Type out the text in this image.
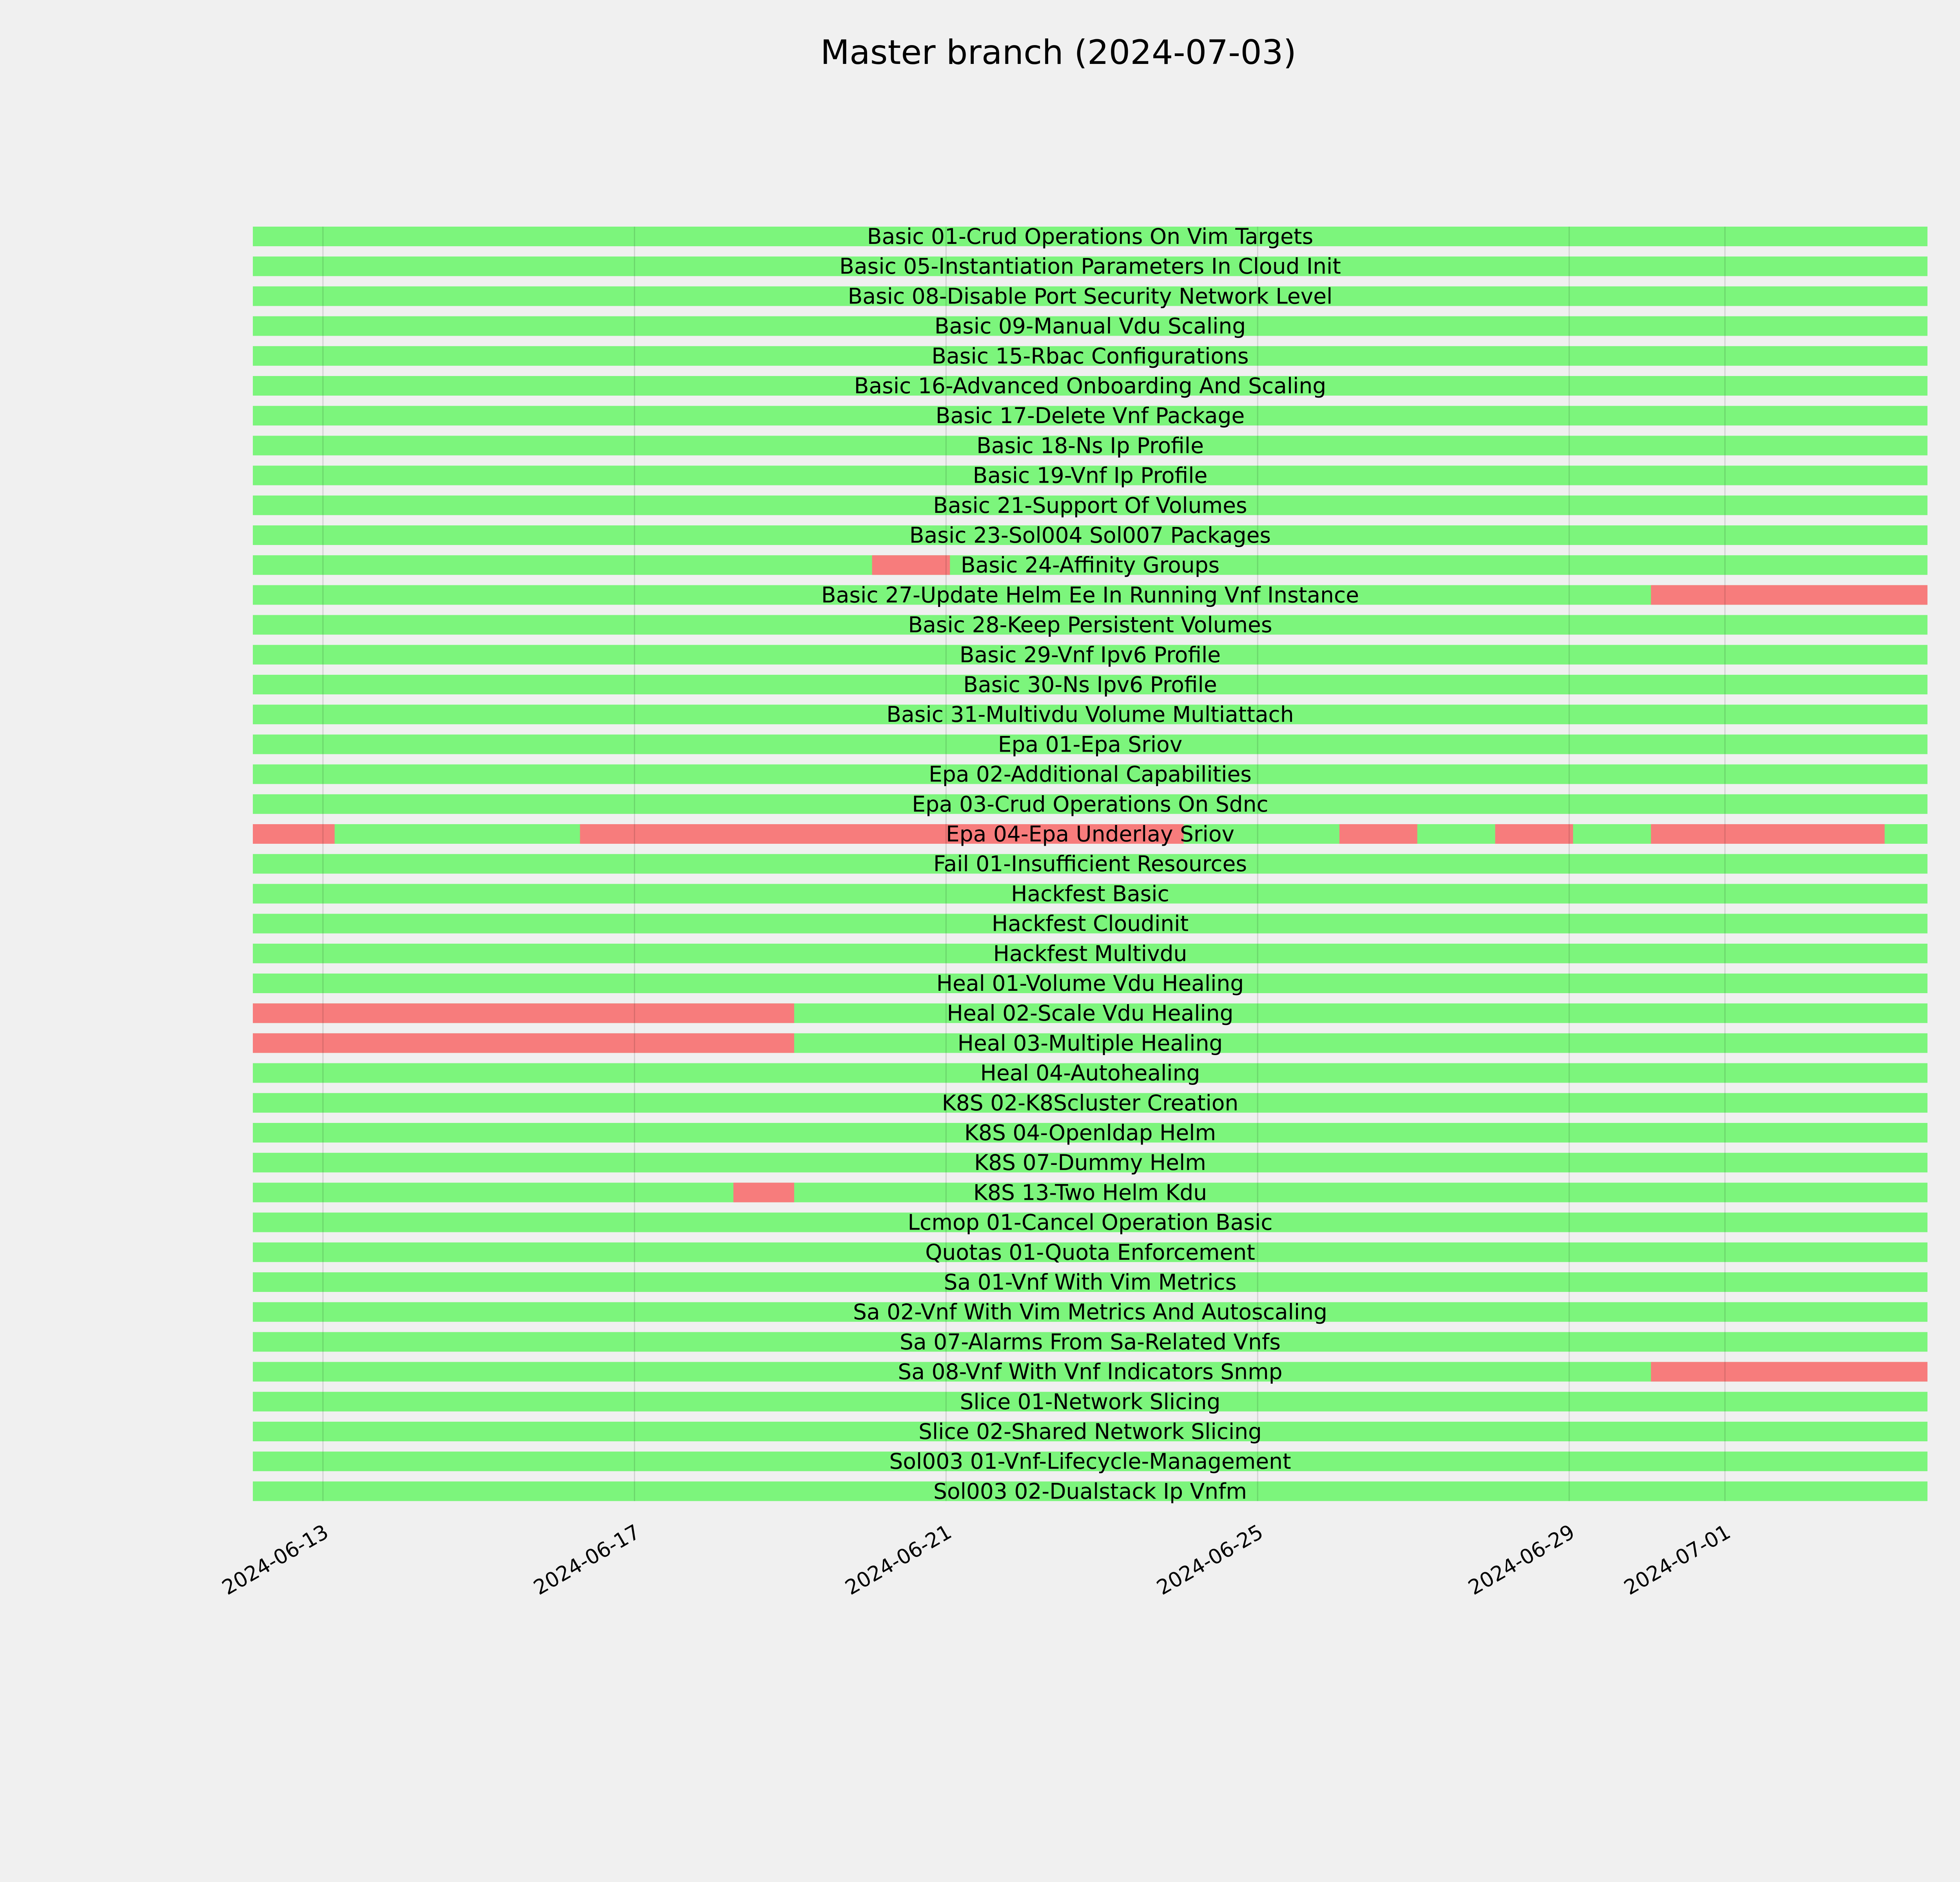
Master branch (2024-07-03)
Basic 01-Crud Operations On Vim Targets
Basic 05-Instantiation Parameters In Cloud Init
Basic 08-Disable Port Security Network Level
Basic 09-Manual Vdu Scaling
Basic 15-Rbac Configurations
Basic 16-Advanced Onboarding And Scaling
Basic 17-Delete Vnf Package
Basic 18-Ns Ip Profile
Basic 19-Vnf Ip Profile
Basic 21-Support Of Volumes
Basic 23-Sol004 Sol007 Packages
Basic 24-Affinity Groups
Basic 27-Update Helm Ee In Running Vnf Instance
Basic 28-Keep Persistent Volumes
Basic 29-Vnf Ipv6 Profile
Basic 30-Ns Ipv6 Profile
Basic 31-Multivdu Volume Multiattach
Epa 01-Epa Sriov
Epa 02-Additional Capabilities
Epa 03-Crud Operations On Sdnc
Epa 04-Epa Underlay Sriov
Fail 01-Insufficient Resources
Hackfest Basic
Hackfest Cloudinit
Hackfest Multivdu
Heal 01-Volume Vdu Healing
Heal 02-Scale Vdu Healing
Heal 03-Multiple Healing
Heal 04-Autohealing
K8S 02-K8Scluster Creation
K8S 04-Openldap Helm
K8S 07-Dummy Helm
K8S 13-Two Helm Kdu
Lcmop 01-Cancel Operation Basic
Quotas 01-Quota Enforcement
Sa 01-Vnf With Vim Metrics
Sa 02-Vnf With Vim Metrics And Autoscaling
Sa 07-Alarms From Sa-Related Vnfs
Sa 08-Vnf With Vnf Indicators Snmp
Slice 01-Network Slicing
Slice 02-Shared Network Slicing
Sol003 01-Vnf-Lifecycle-Management
Sol003 02-Dualstack Ip Vnfm
2024-06-13	2024-06-17	2024-06-21	2024-06-25	2024-06-29 2024-07-01
